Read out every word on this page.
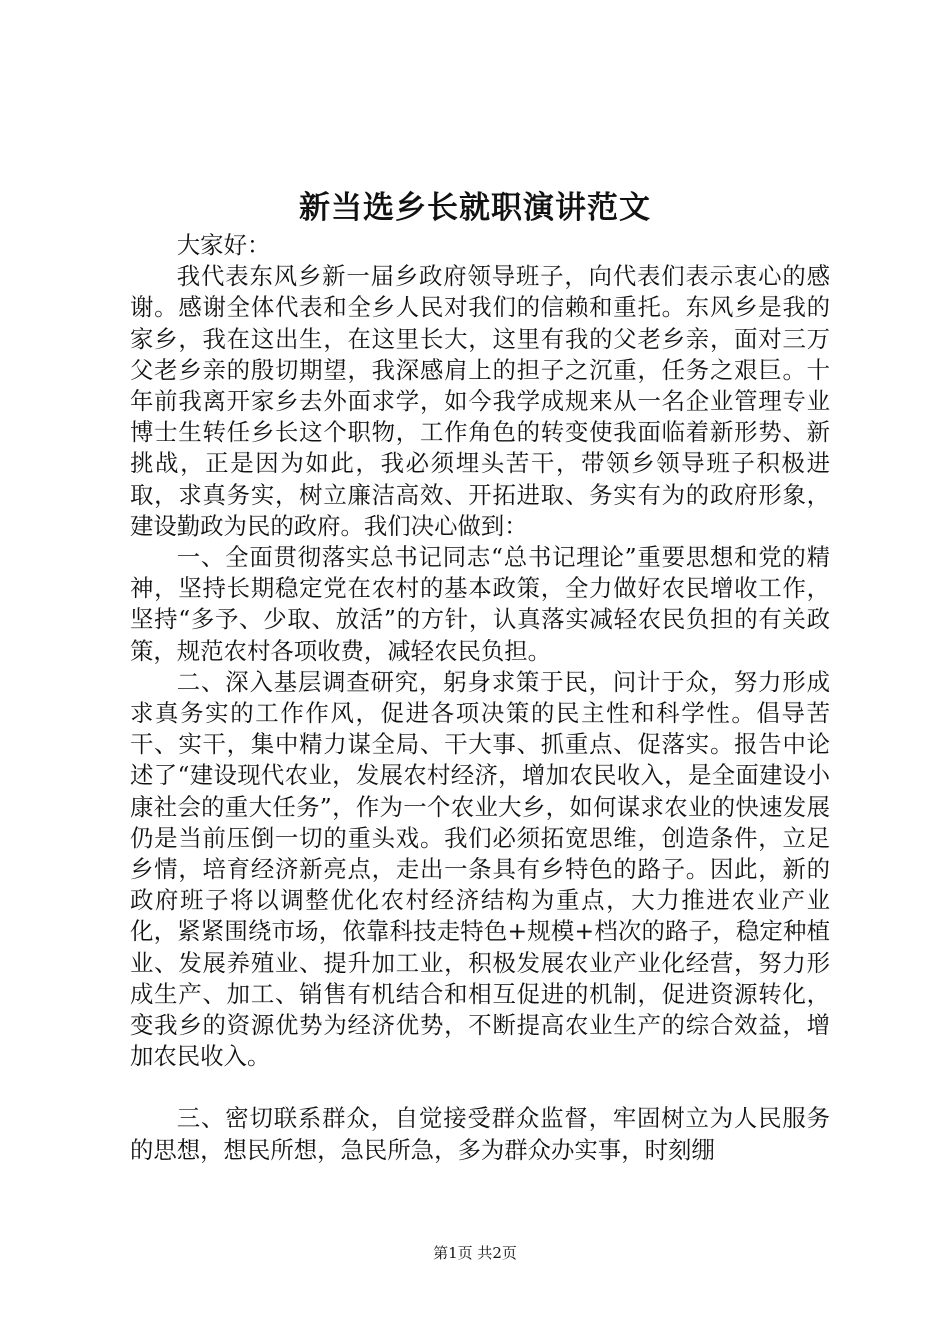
新当选乡长就职演讲范文

大家好：

我代表东风乡新一届乡政府领导班子，向代表们表示衷心的感谢。感谢全体代表和全乡人民对我们的信赖和重托。东风乡是我的家乡，我在这出生，在这里长大，这里有我的父老乡亲，面对三万父老乡亲的殷切期望，我深感肩上的担子之沉重，任务之艰巨。十年前我离开家乡去外面求学，如今我学成规来从一名企业管理专业博士生转任乡长这个职物，工作角色的转变使我面临着新形势、新挑战，正是因为如此，我必须埋头苦干，带领乡领导班子积极进取，求真务实，树立廉洁高效、开拓进取、务实有为的政府形象，建设勤政为民的政府。我们决心做到：

一、全面贯彻落实总书记同志“总书记理论”重要思想和党的精神，坚持长期稳定党在农村的基本政策，全力做好农民增收工作，坚持“多予、少取、放活”的方针，认真落实减轻农民负担的有关政策，规范农村各项收费，减轻农民负担。

二、深入基层调查研究，躬身求策于民，问计于众，努力形成求真务实的工作作风，促进各项决策的民主性和科学性。倡导苦干、实干，集中精力谋全局、干大事、抓重点、促落实。报告中论述了“建设现代农业，发展农村经济，增加农民收入，是全面建设小康社会的重大任务”，作为一个农业大乡，如何谋求农业的快速发展仍是当前压倒一切的重头戏。我们必须拓宽思维，创造条件，立足乡情，培育经济新亮点，走出一条具有乡特色的路子。因此，新的政府班子将以调整优化农村经济结构为重点，大力推进农业产业化，紧紧围绕市场，依靠科技走特色+规模+档次的路子，稳定种植业、发展养殖业、提升加工业，积极发展农业产业化经营，努力形成生产、加工、销售有机结合和相互促进的机制，促进资源转化，变我乡的资源优势为经济优势，不断提高农业生产的综合效益，增加农民收入。

三、密切联系群众，自觉接受群众监督，牢固树立为人民服务的思想，想民所想，急民所急，多为群众办实事，时刻绷

第1页 共2页
